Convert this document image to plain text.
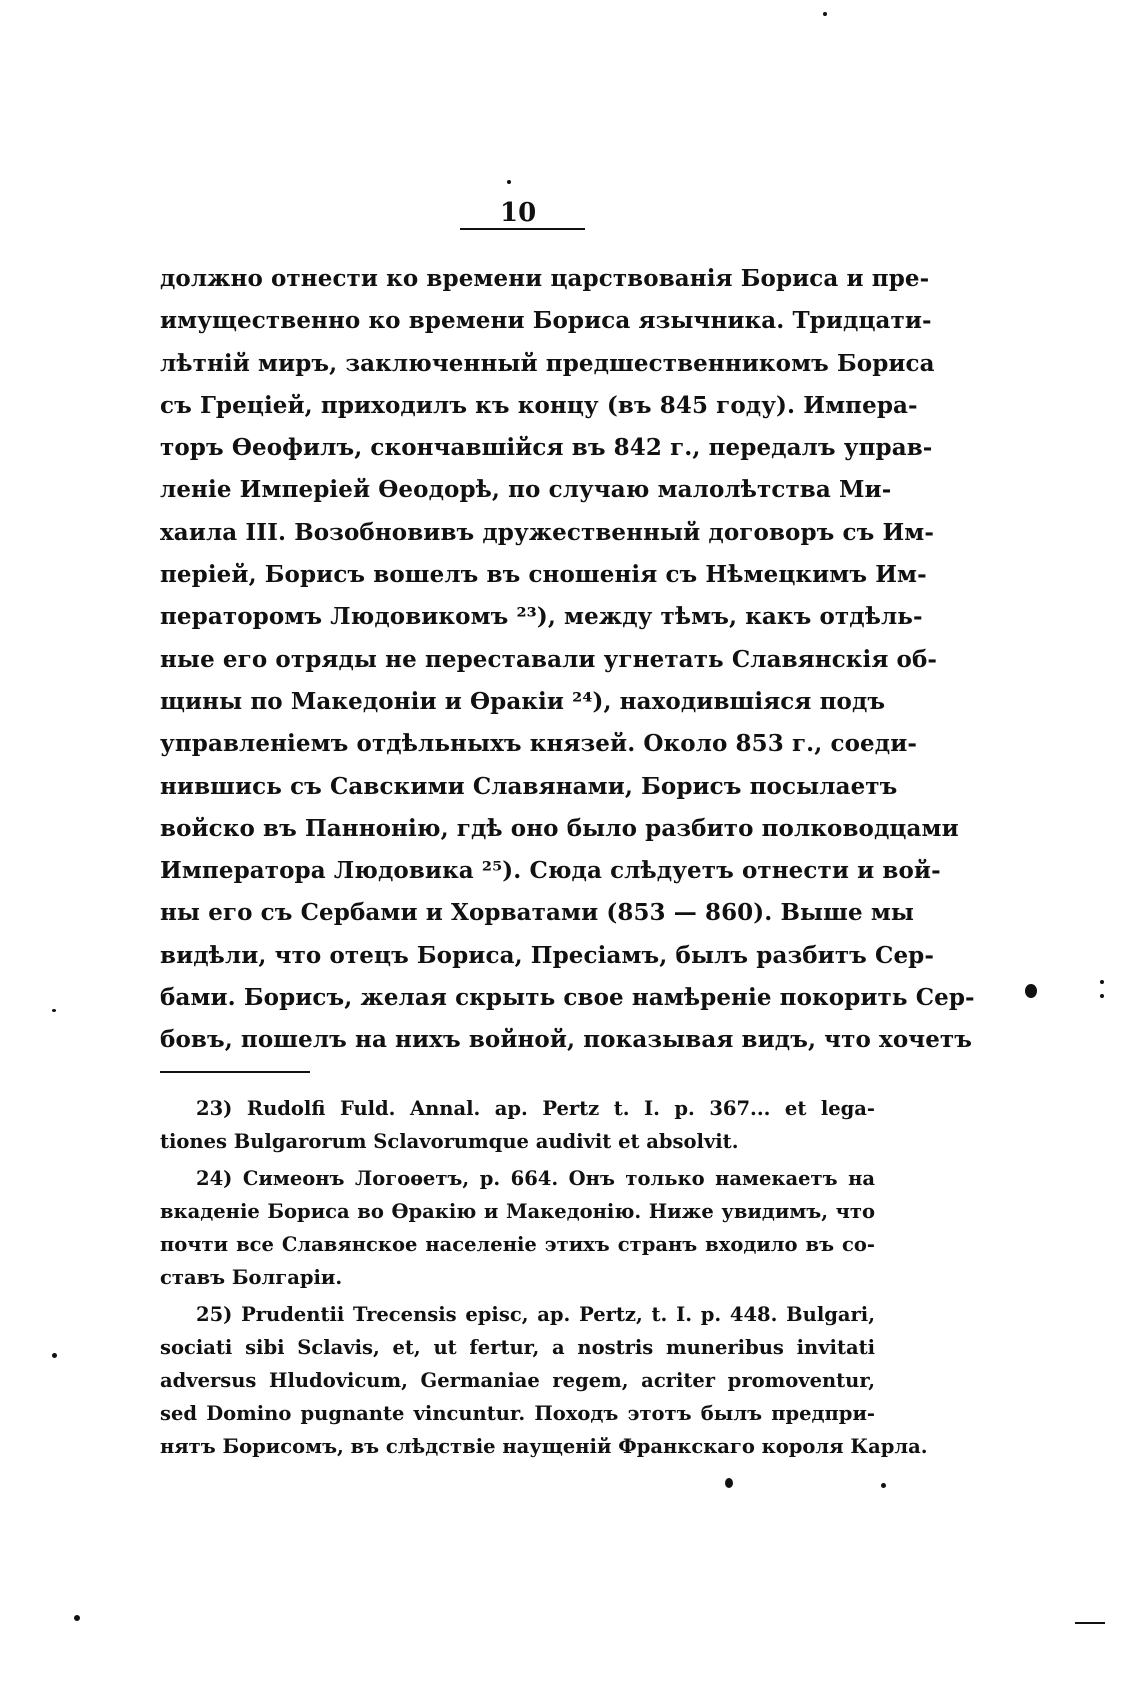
10
должно отнести ко времени царствованія Бориса и пре-
имущественно ко времени Бориса язычника. Тридцати-
лѣтній миръ, заключенный предшественникомъ Бориса
съ Греціей, приходилъ къ концу (въ 845 году). Импера-
торъ Өеофилъ, скончавшійся въ 842 г., передалъ управ-
леніе Имперіей Өеодорѣ, по случаю малолѣтства Ми-
хаила III. Возобновивъ дружественный договоръ съ Им-
періей, Борисъ вошелъ въ сношенія съ Нѣмецкимъ Им-
ператоромъ Людовикомъ ²³), между тѣмъ, какъ отдѣль-
ные его отряды не переставали угнетать Славянскія об-
щины по Македоніи и Өракіи ²⁴), находившіяся подъ
управленіемъ отдѣльныхъ князей. Около 853 г., соеди-
нившись съ Савскими Славянами, Борисъ посылаетъ
войско въ Паннонію, гдѣ оно было разбито полководцами
Императора Людовика ²⁵). Сюда слѣдуетъ отнести и вой-
ны его съ Сербами и Хорватами (853 — 860). Выше мы
видѣли, что отецъ Бориса, Пресіамъ, былъ разбитъ Сер-
бами. Борисъ, желая скрыть свое намѣреніе покорить Сер-
бовъ, пошелъ на нихъ войной, показывая видъ, что хочетъ
23) Rudolfi Fuld. Annal. ap. Pertz t. I. p. 367... et lega-
tiones Bulgarorum Sclavorumque audivit et absolvit.
24) Симеонъ Логоѳетъ, р. 664. Онъ только намекаетъ на
вкаденіе Бориса во Өракію и Македонію. Ниже увидимъ, что
почти все Славянское населеніе этихъ странъ входило въ со-
ставъ Болгаріи.
25) Prudentii Trecensis episc, ap. Pertz, t. I. p. 448. Bulgari,
sociati sibi Sclavis, et, ut fertur, a nostris muneribus invitati
adversus Hludovicum, Germaniae regem, acriter promoventur,
sed Domino pugnante vincuntur. Походъ этотъ былъ предпри-
нятъ Борисомъ, въ слѣдствіе наущеній Франкскаго короля Карла.
